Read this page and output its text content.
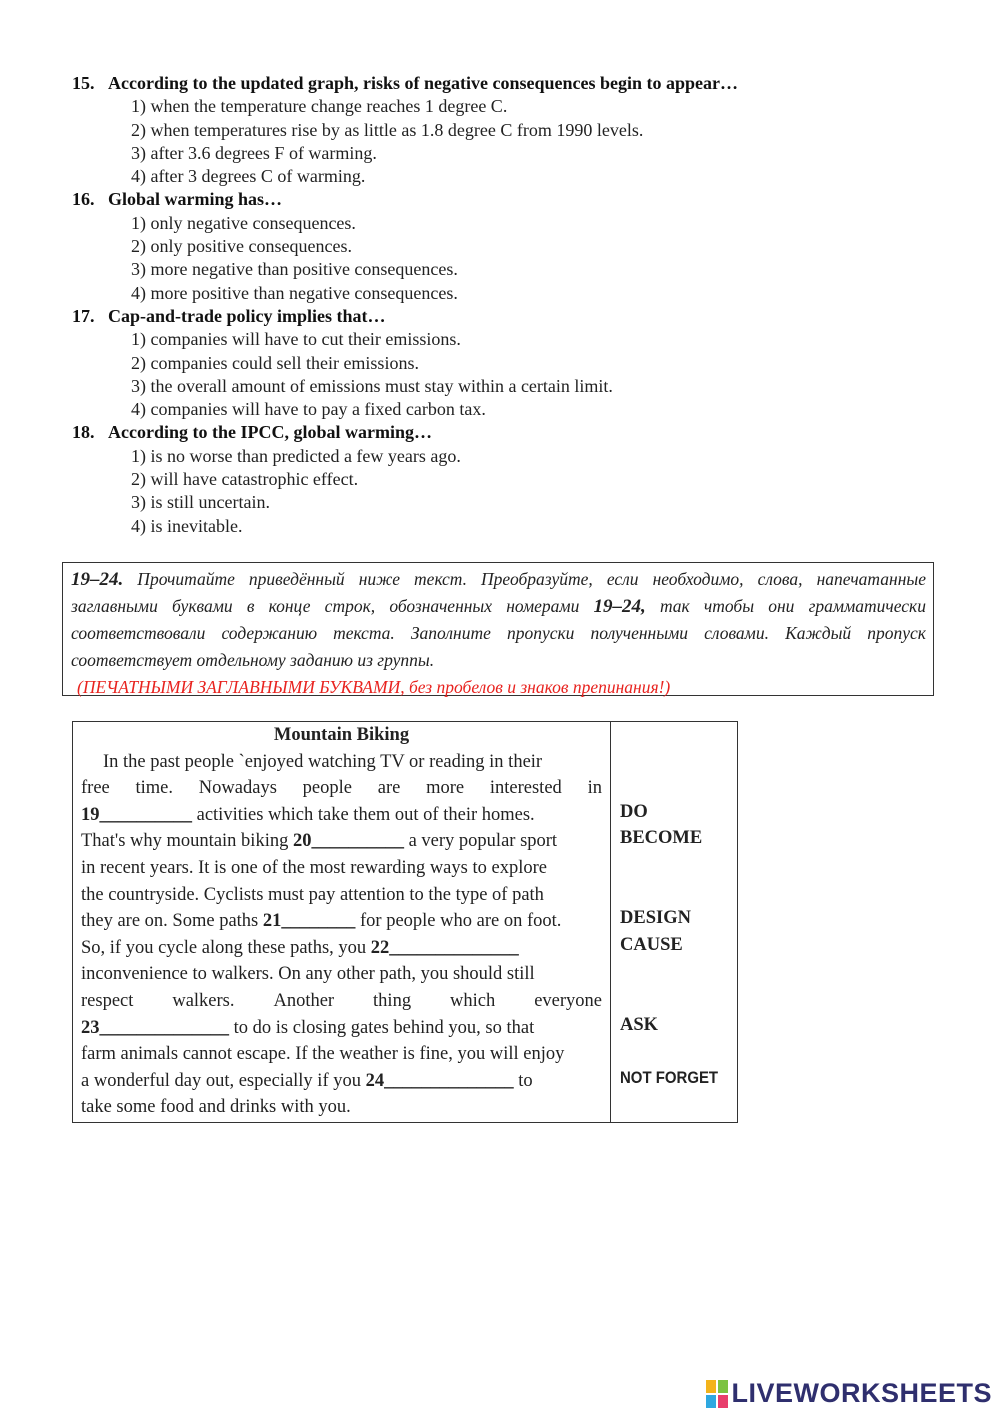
15. According to the updated graph, risks of negative consequences begin to appear…
1) when the temperature change reaches 1 degree C.
2) when temperatures rise by as little as 1.8 degree C from 1990 levels.
3) after 3.6 degrees F of warming.
4) after 3 degrees C of warming.
16. Global warming has…
1) only negative consequences.
2) only positive consequences.
3) more negative than positive consequences.
4) more positive than negative consequences.
17. Cap-and-trade policy implies that…
1) companies will have to cut their emissions.
2) companies could sell their emissions.
3) the overall amount of emissions must stay within a certain limit.
4) companies will have to pay a fixed carbon tax.
18. According to the IPCC, global warming…
1) is no worse than predicted a few years ago.
2) will have catastrophic effect.
3) is still uncertain.
4) is inevitable.
19–24. Прочитайте приведённый ниже текст. Преобразуйте, если необходимо, слова, напечатанные заглавными буквами в конце строк, обозначенных номерами 19–24, так чтобы они грамматически соответствовали содержанию текста. Заполните пропуски полученными словами. Каждый пропуск соответствует отдельному заданию из группы.
(ПЕЧАТНЫМИ ЗАГЛАВНЫМИ БУКВАМИ, без пробелов и знаков препинания!)
Mountain Biking
In the past people `enjoyed watching TV or reading in their
free time. Nowadays people are more interested in
19__________ activities which take them out of their homes.
That's why mountain biking 20__________ a very popular sport
in recent years. It is one of the most rewarding ways to explore
the countryside. Cyclists must pay attention to the type of path
they are on. Some paths 21________ for people who are on foot.
So, if you cycle along these paths, you 22______________
inconvenience to walkers. On any other path, you should still
respect walkers. Another thing which everyone
23______________ to do is closing gates behind you, so that
farm animals cannot escape. If the weather is fine, you will enjoy
a wonderful day out, especially if you 24______________ to
take some food and drinks with you.
DO
BECOME
DESIGN
CAUSE
ASK
NOT FORGET
LIVEWORKSHEETS
